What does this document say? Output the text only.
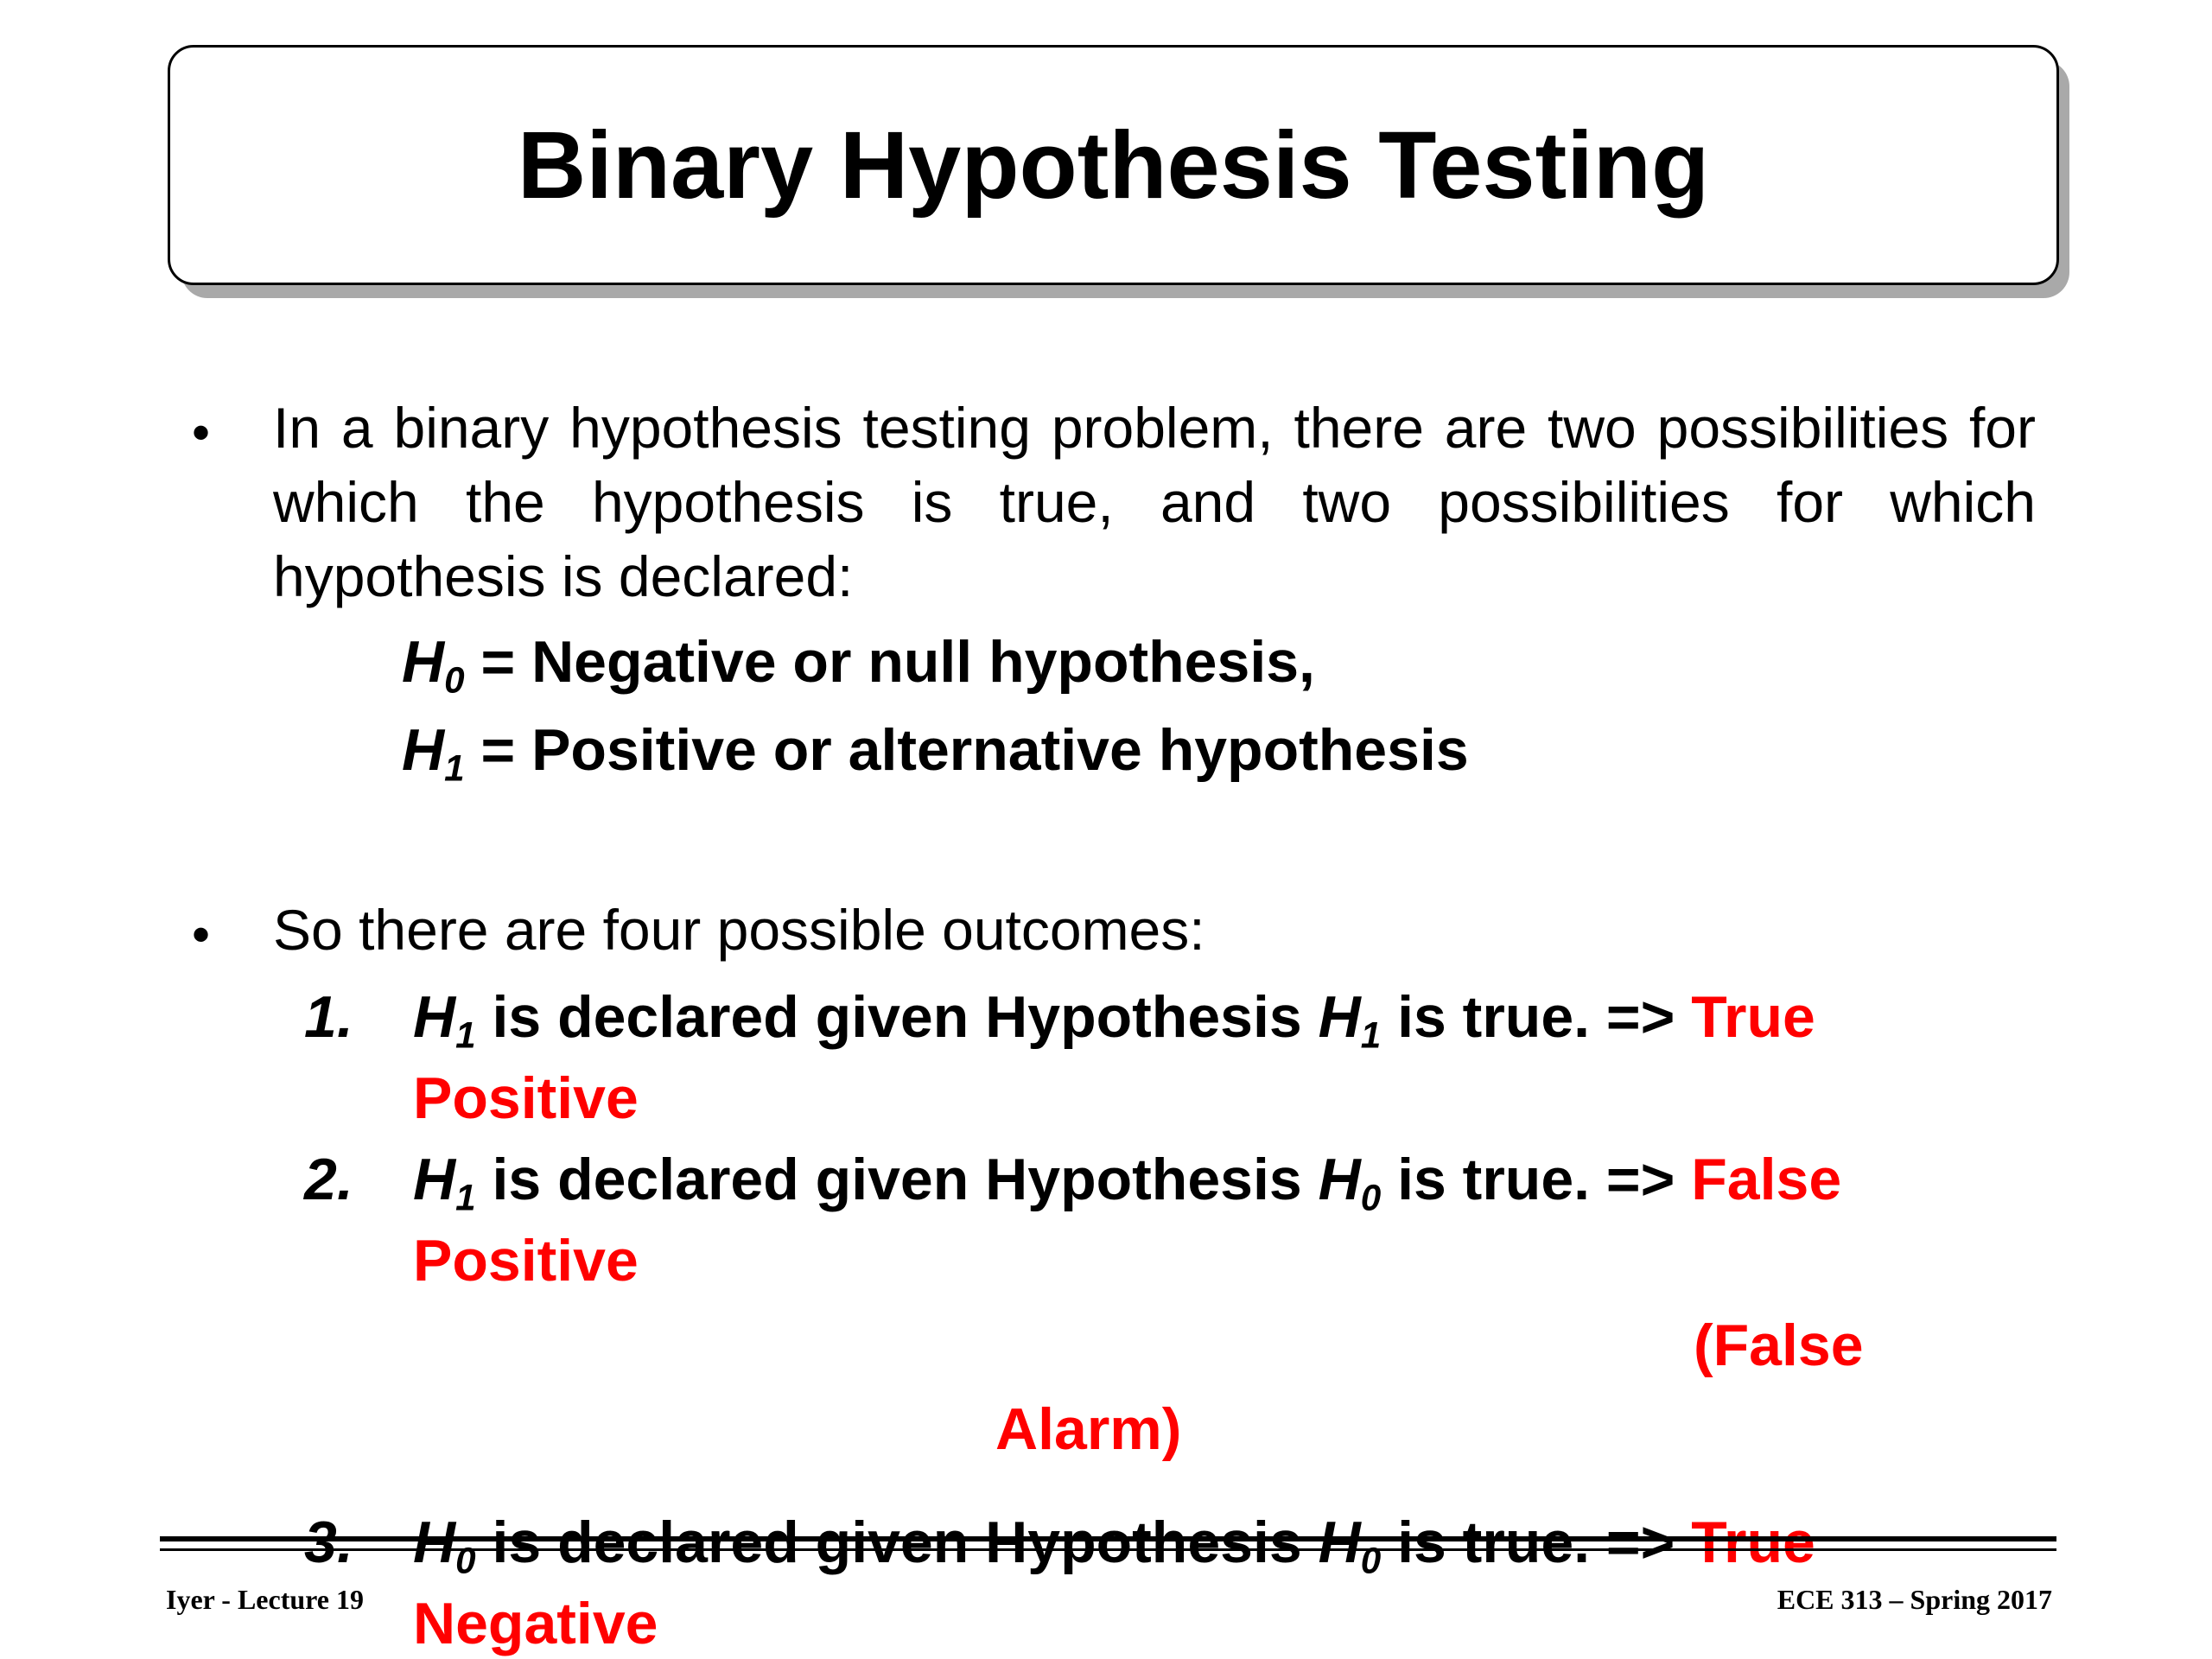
Binary Hypothesis Testing
• In a binary hypothesis testing problem, there are two possibilities for which the hypothesis is true, and two possibilities for which hypothesis is declared:
$H_0$ = Negative or null hypothesis,
$H_1$ = Positive or alternative hypothesis
• So there are four possible outcomes:
1. $H_1$ is declared given Hypothesis $H_1$ is true. => True
Positive
2. $H_1$ is declared given Hypothesis $H_0$ is true. => False
Positive
(False
Alarm)
3. $H_0$ is declared given Hypothesis $H_0$ is true. => True
Negative
Iyer - Lecture 19	ECE 313 – Spring 2017
